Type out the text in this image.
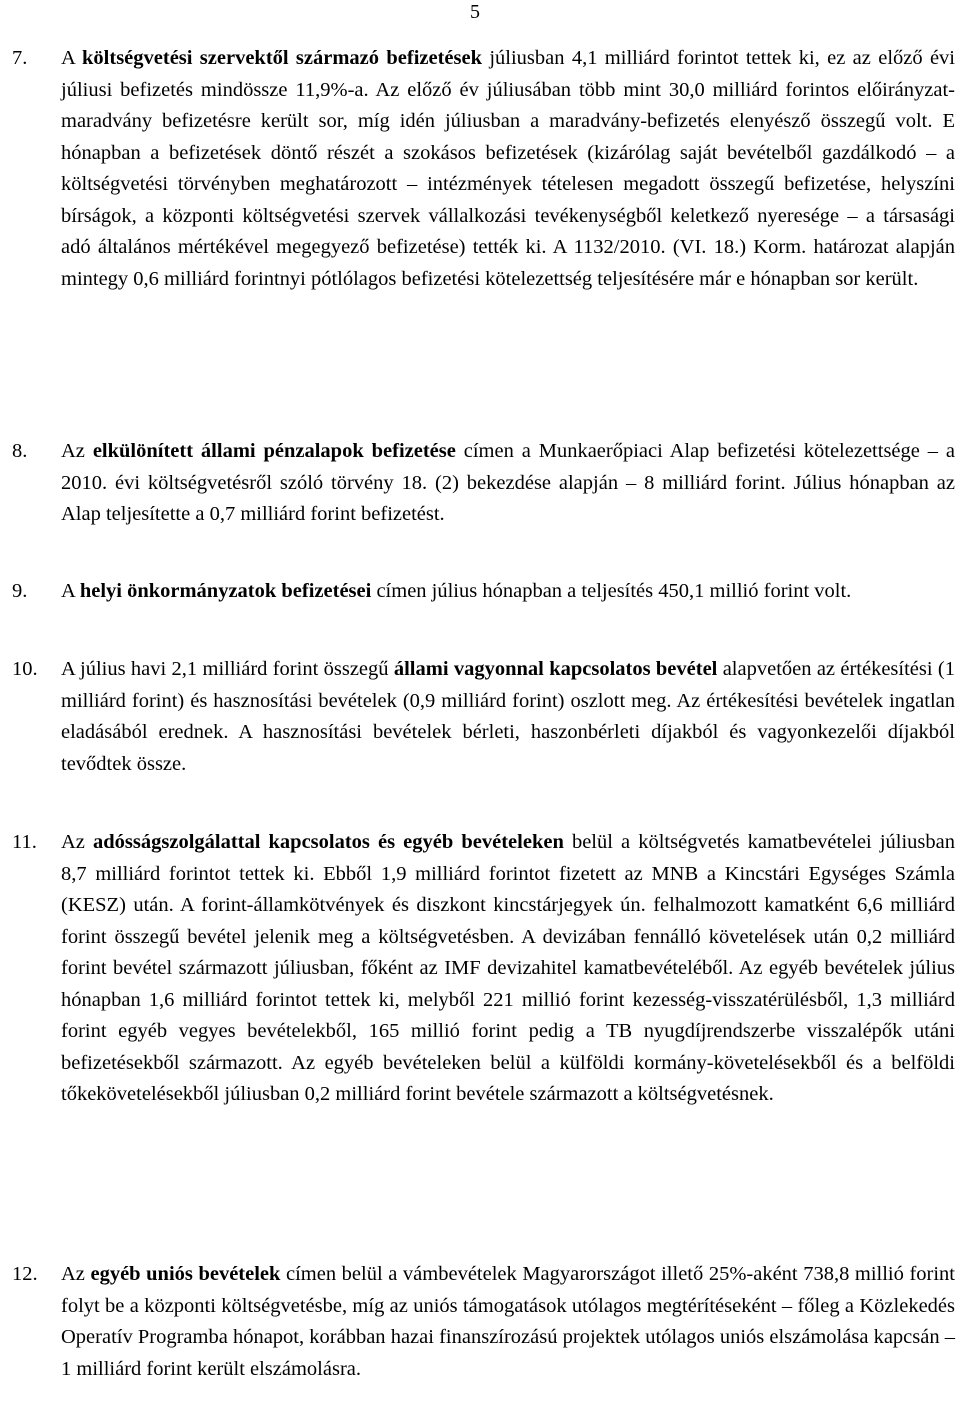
5
7. A költségvetési szervektől származó befizetések júliusban 4,1 milliárd forintot tettek ki, ez az előző évi júliusi befizetés mindössze 11,9%-a. Az előző év júliusában több mint 30,0 milliárd forintos előirányzat-maradvány befizetésre került sor, míg idén júliusban a maradvány-befizetés elenyésző összegű volt. E hónapban a befizetések döntő részét a szokásos befizetések (kizárólag saját bevételből gazdálkodó – a költségvetési törvényben meghatározott – intézmények tételesen megadott összegű befizetése, helyszíni bírságok, a központi költségvetési szervek vállalkozási tevékenységből keletkező nyeresége – a társasági adó általános mértékével megegyező befizetése) tették ki. A 1132/2010. (VI. 18.) Korm. határozat alapján mintegy 0,6 milliárd forintnyi pótlólagos befizetési kötelezettség teljesítésére már e hónapban sor került.
8. Az elkülönített állami pénzalapok befizetése címen a Munkaerőpiaci Alap befizetési kötelezettsége – a 2010. évi költségvetésről szóló törvény 18. (2) bekezdése alapján – 8 milliárd forint. Július hónapban az Alap teljesítette a 0,7 milliárd forint befizetést.
9. A helyi önkormányzatok befizetései címen július hónapban a teljesítés 450,1 millió forint volt.
10. A július havi 2,1 milliárd forint összegű állami vagyonnal kapcsolatos bevétel alapvetően az értékesítési (1 milliárd forint) és hasznosítási bevételek (0,9 milliárd forint) oszlott meg. Az értékesítési bevételek ingatlan eladásából erednek. A hasznosítási bevételek bérleti, haszonbérleti díjakból és vagyonkezelői díjakból tevődtek össze.
11. Az adósságszolgálattal kapcsolatos és egyéb bevételeken belül a költségvetés kamatbevételei júliusban 8,7 milliárd forintot tettek ki. Ebből 1,9 milliárd forintot fizetett az MNB a Kincstári Egységes Számla (KESZ) után. A forint-államkötvények és diszkont kincstárjegyek ún. felhalmozott kamatként 6,6 milliárd forint összegű bevétel jelenik meg a költségvetésben. A devizában fennálló követelések után 0,2 milliárd forint bevétel származott júliusban, főként az IMF devizahitel kamatbevételéből. Az egyéb bevételek július hónapban 1,6 milliárd forintot tettek ki, melyből 221 millió forint kezesség-visszatérülésből, 1,3 milliárd forint egyéb vegyes bevételekből, 165 millió forint pedig a TB nyugdíjrendszerbe visszalépők utáni befizetésekből származott. Az egyéb bevételeken belül a külföldi kormány-követelésekből és a belföldi tőkekövetelésekből júliusban 0,2 milliárd forint bevétele származott a költségvetésnek.
12. Az egyéb uniós bevételek címen belül a vámbevételek Magyarországot illető 25%-aként 738,8 millió forint folyt be a központi költségvetésbe, míg az uniós támogatások utólagos megtérítéseként – főleg a Közlekedés Operatív Programba hónapot, korábban hazai finanszírozású projektek utólagos uniós elszámolása kapcsán – 1 milliárd forint került elszámolásra.
